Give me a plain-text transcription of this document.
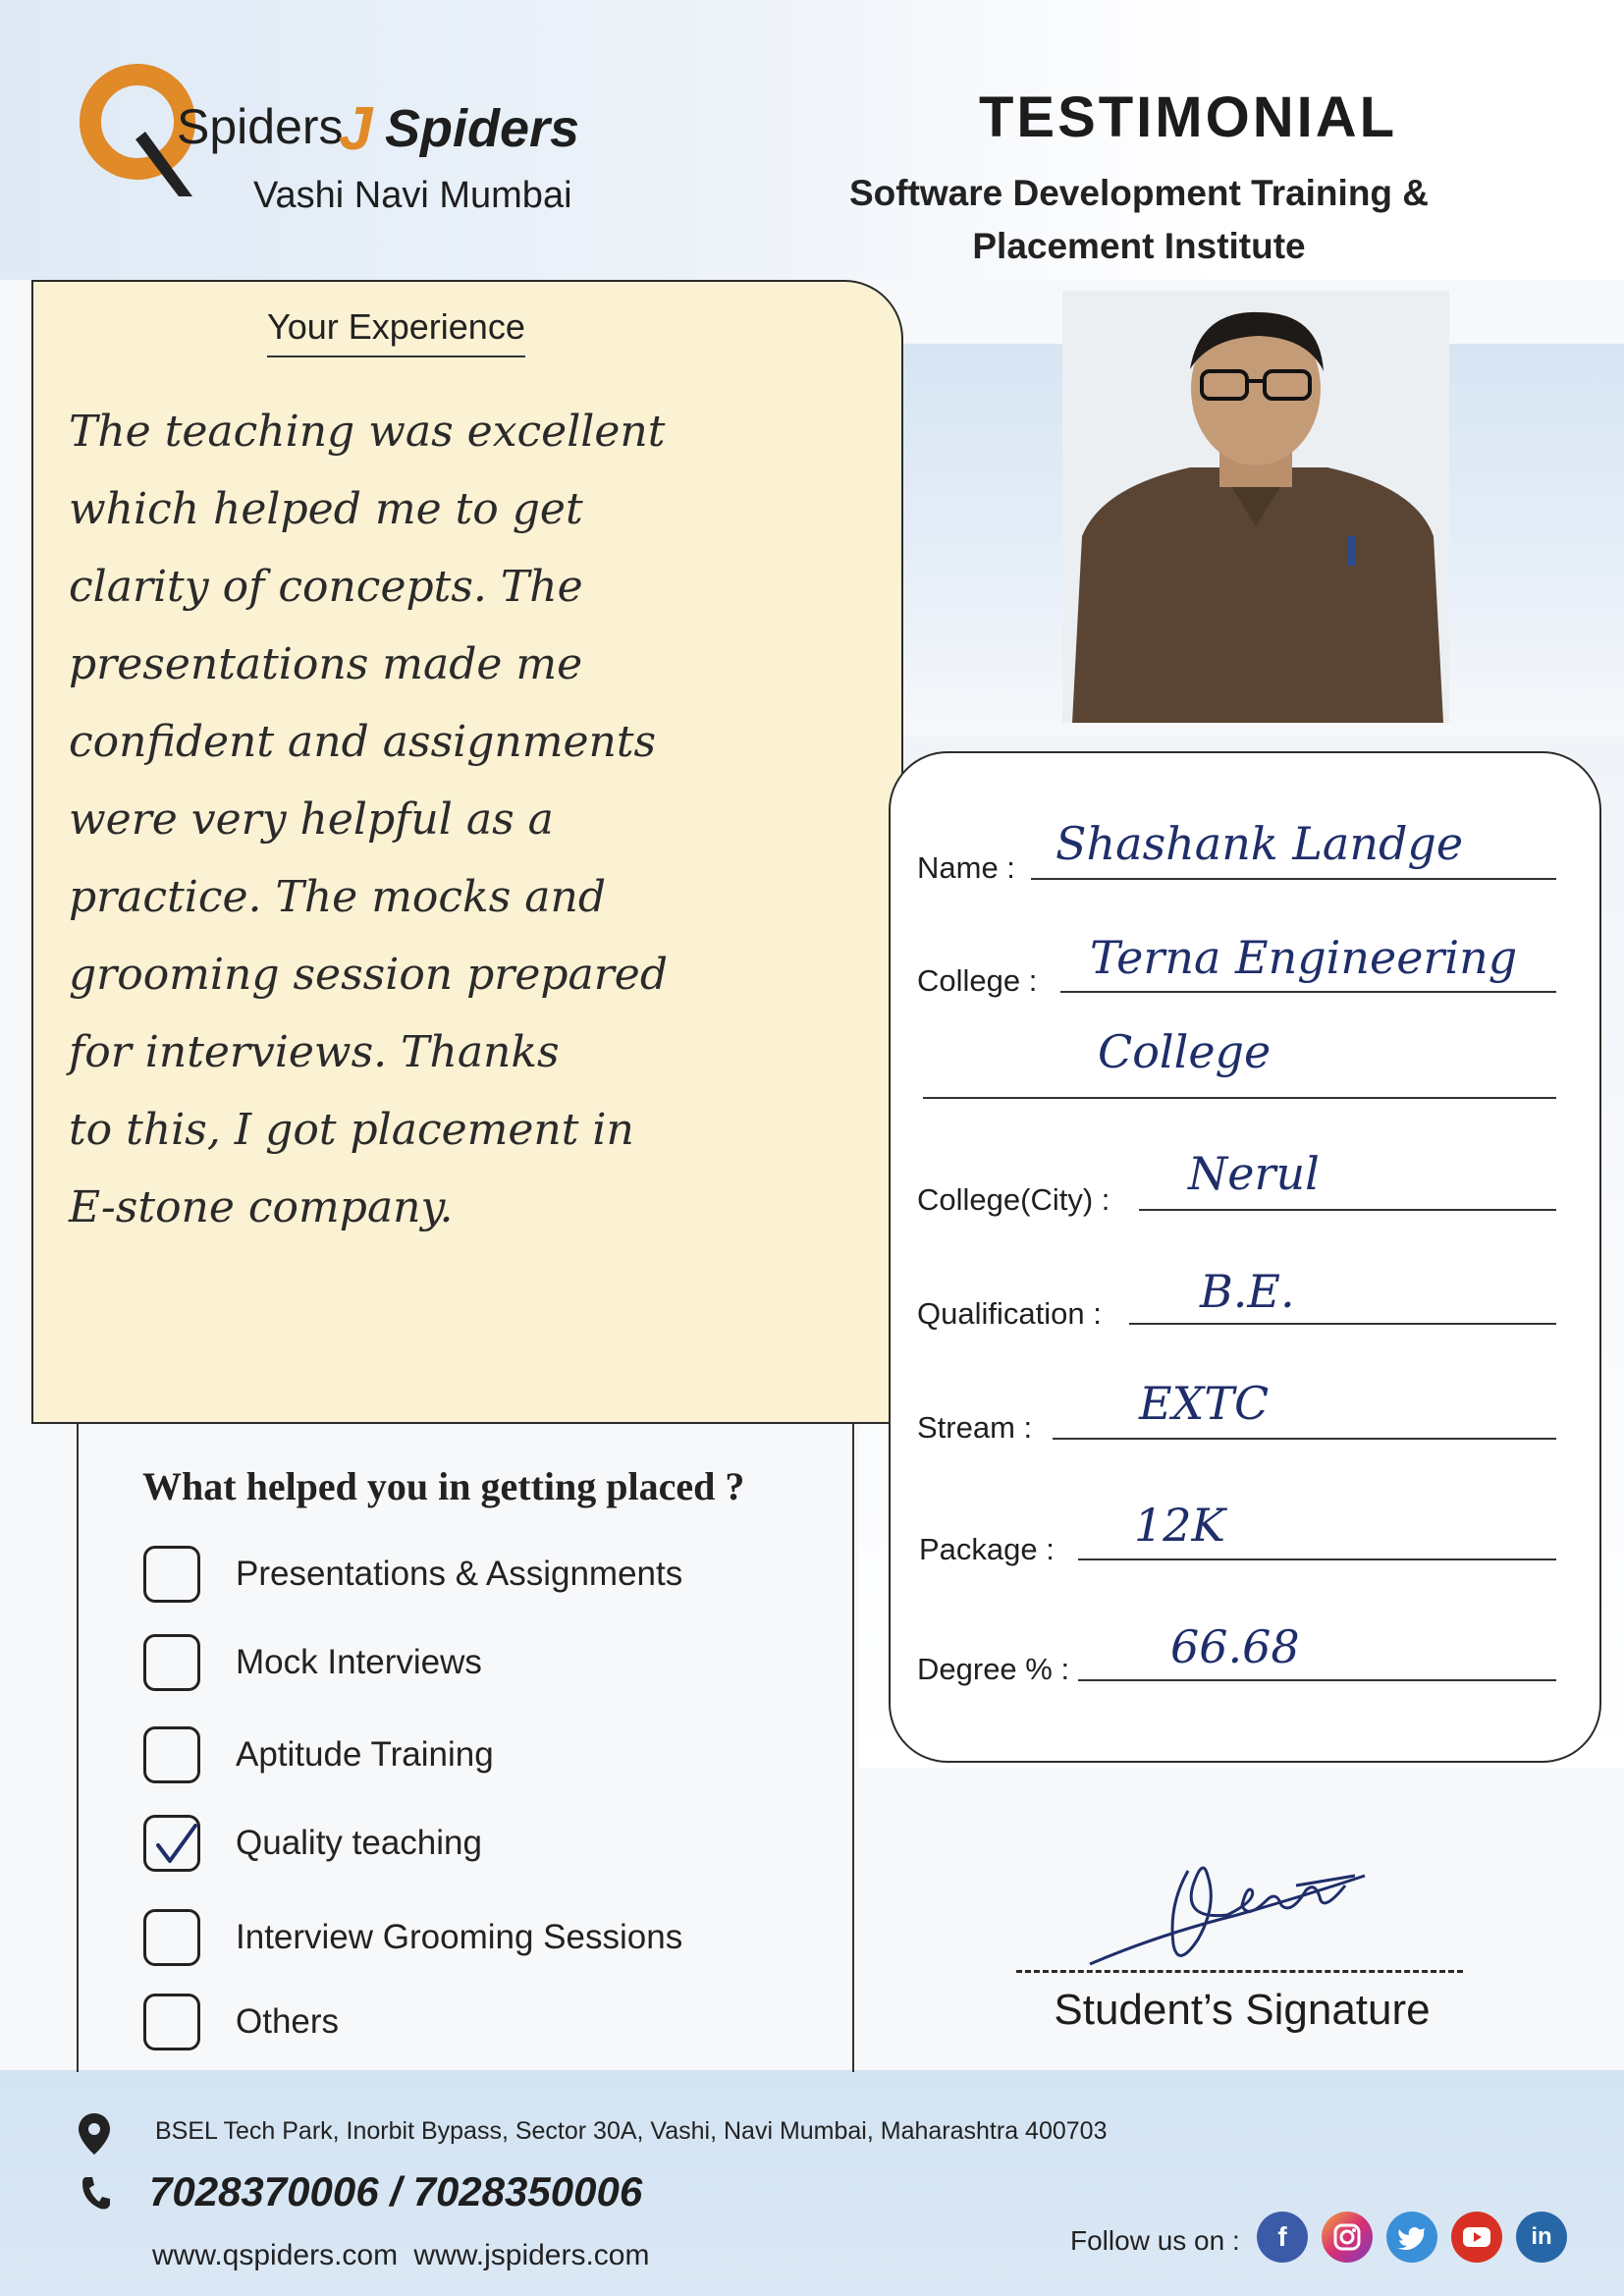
Spiders
J Spiders
Vashi Navi Mumbai
TESTIMONIAL
Software Development Training &
Placement Institute
Your Experience
The teaching was excellent
which helped me to get
clarity of concepts. The
presentations made me
confident and assignments
were very helpful as a
practice. The mocks and
grooming session prepared
for interviews. Thanks
to this, I got placement in
E-stone company.
What helped you in getting placed ?
Presentations & Assignments
Mock Interviews
Aptitude Training
Quality teaching
Interview Grooming Sessions
Others
Name : Shashank Landge
College : Terna Engineering
College
College(City) : Nerul
Qualification : B.E.
Stream : EXTC
Package : 12K
Degree % : 66.68
Student’s Signature
BSEL Tech Park, Inorbit Bypass, Sector 30A, Vashi, Navi Mumbai, Maharashtra 400703
7028370006 / 7028350006
www.qspiders.com www.jspiders.com	Follow us on :	f	in
